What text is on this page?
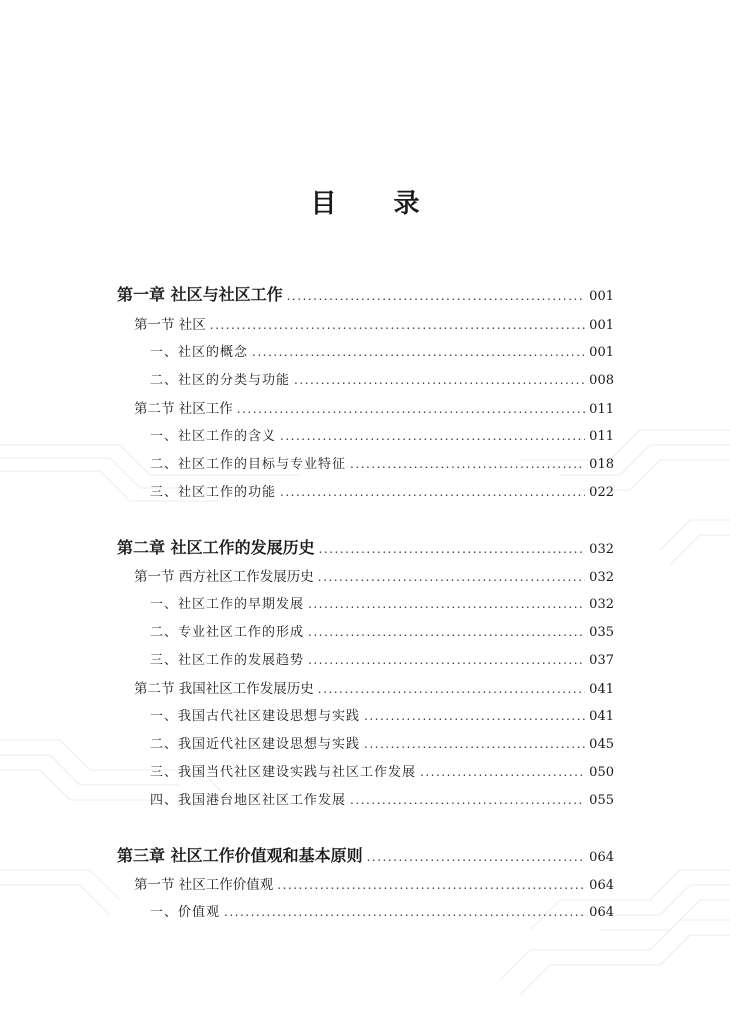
目 录
第一章 社区与社区工作 .....	001
第一节 社区 .....	001
一、社区的概念 .....	001
二、社区的分类与功能 .....	008
第二节 社区工作 .....	011
一、社区工作的含义 .....	011
二、社区工作的目标与专业特征 .....	018
三、社区工作的功能 .....	022
第二章 社区工作的发展历史 .....	032
第一节 西方社区工作发展历史 .....	032
一、社区工作的早期发展 .....	032
二、专业社区工作的形成 .....	035
三、社区工作的发展趋势 .....	037
第二节 我国社区工作发展历史 .....	041
一、我国古代社区建设思想与实践 .....	041
二、我国近代社区建设思想与实践 .....	045
三、我国当代社区建设实践与社区工作发展 .....	050
四、我国港台地区社区工作发展 .....	055
第三章 社区工作价值观和基本原则 .....	064
第一节 社区工作价值观 .....	064
一、价值观 .....	064
